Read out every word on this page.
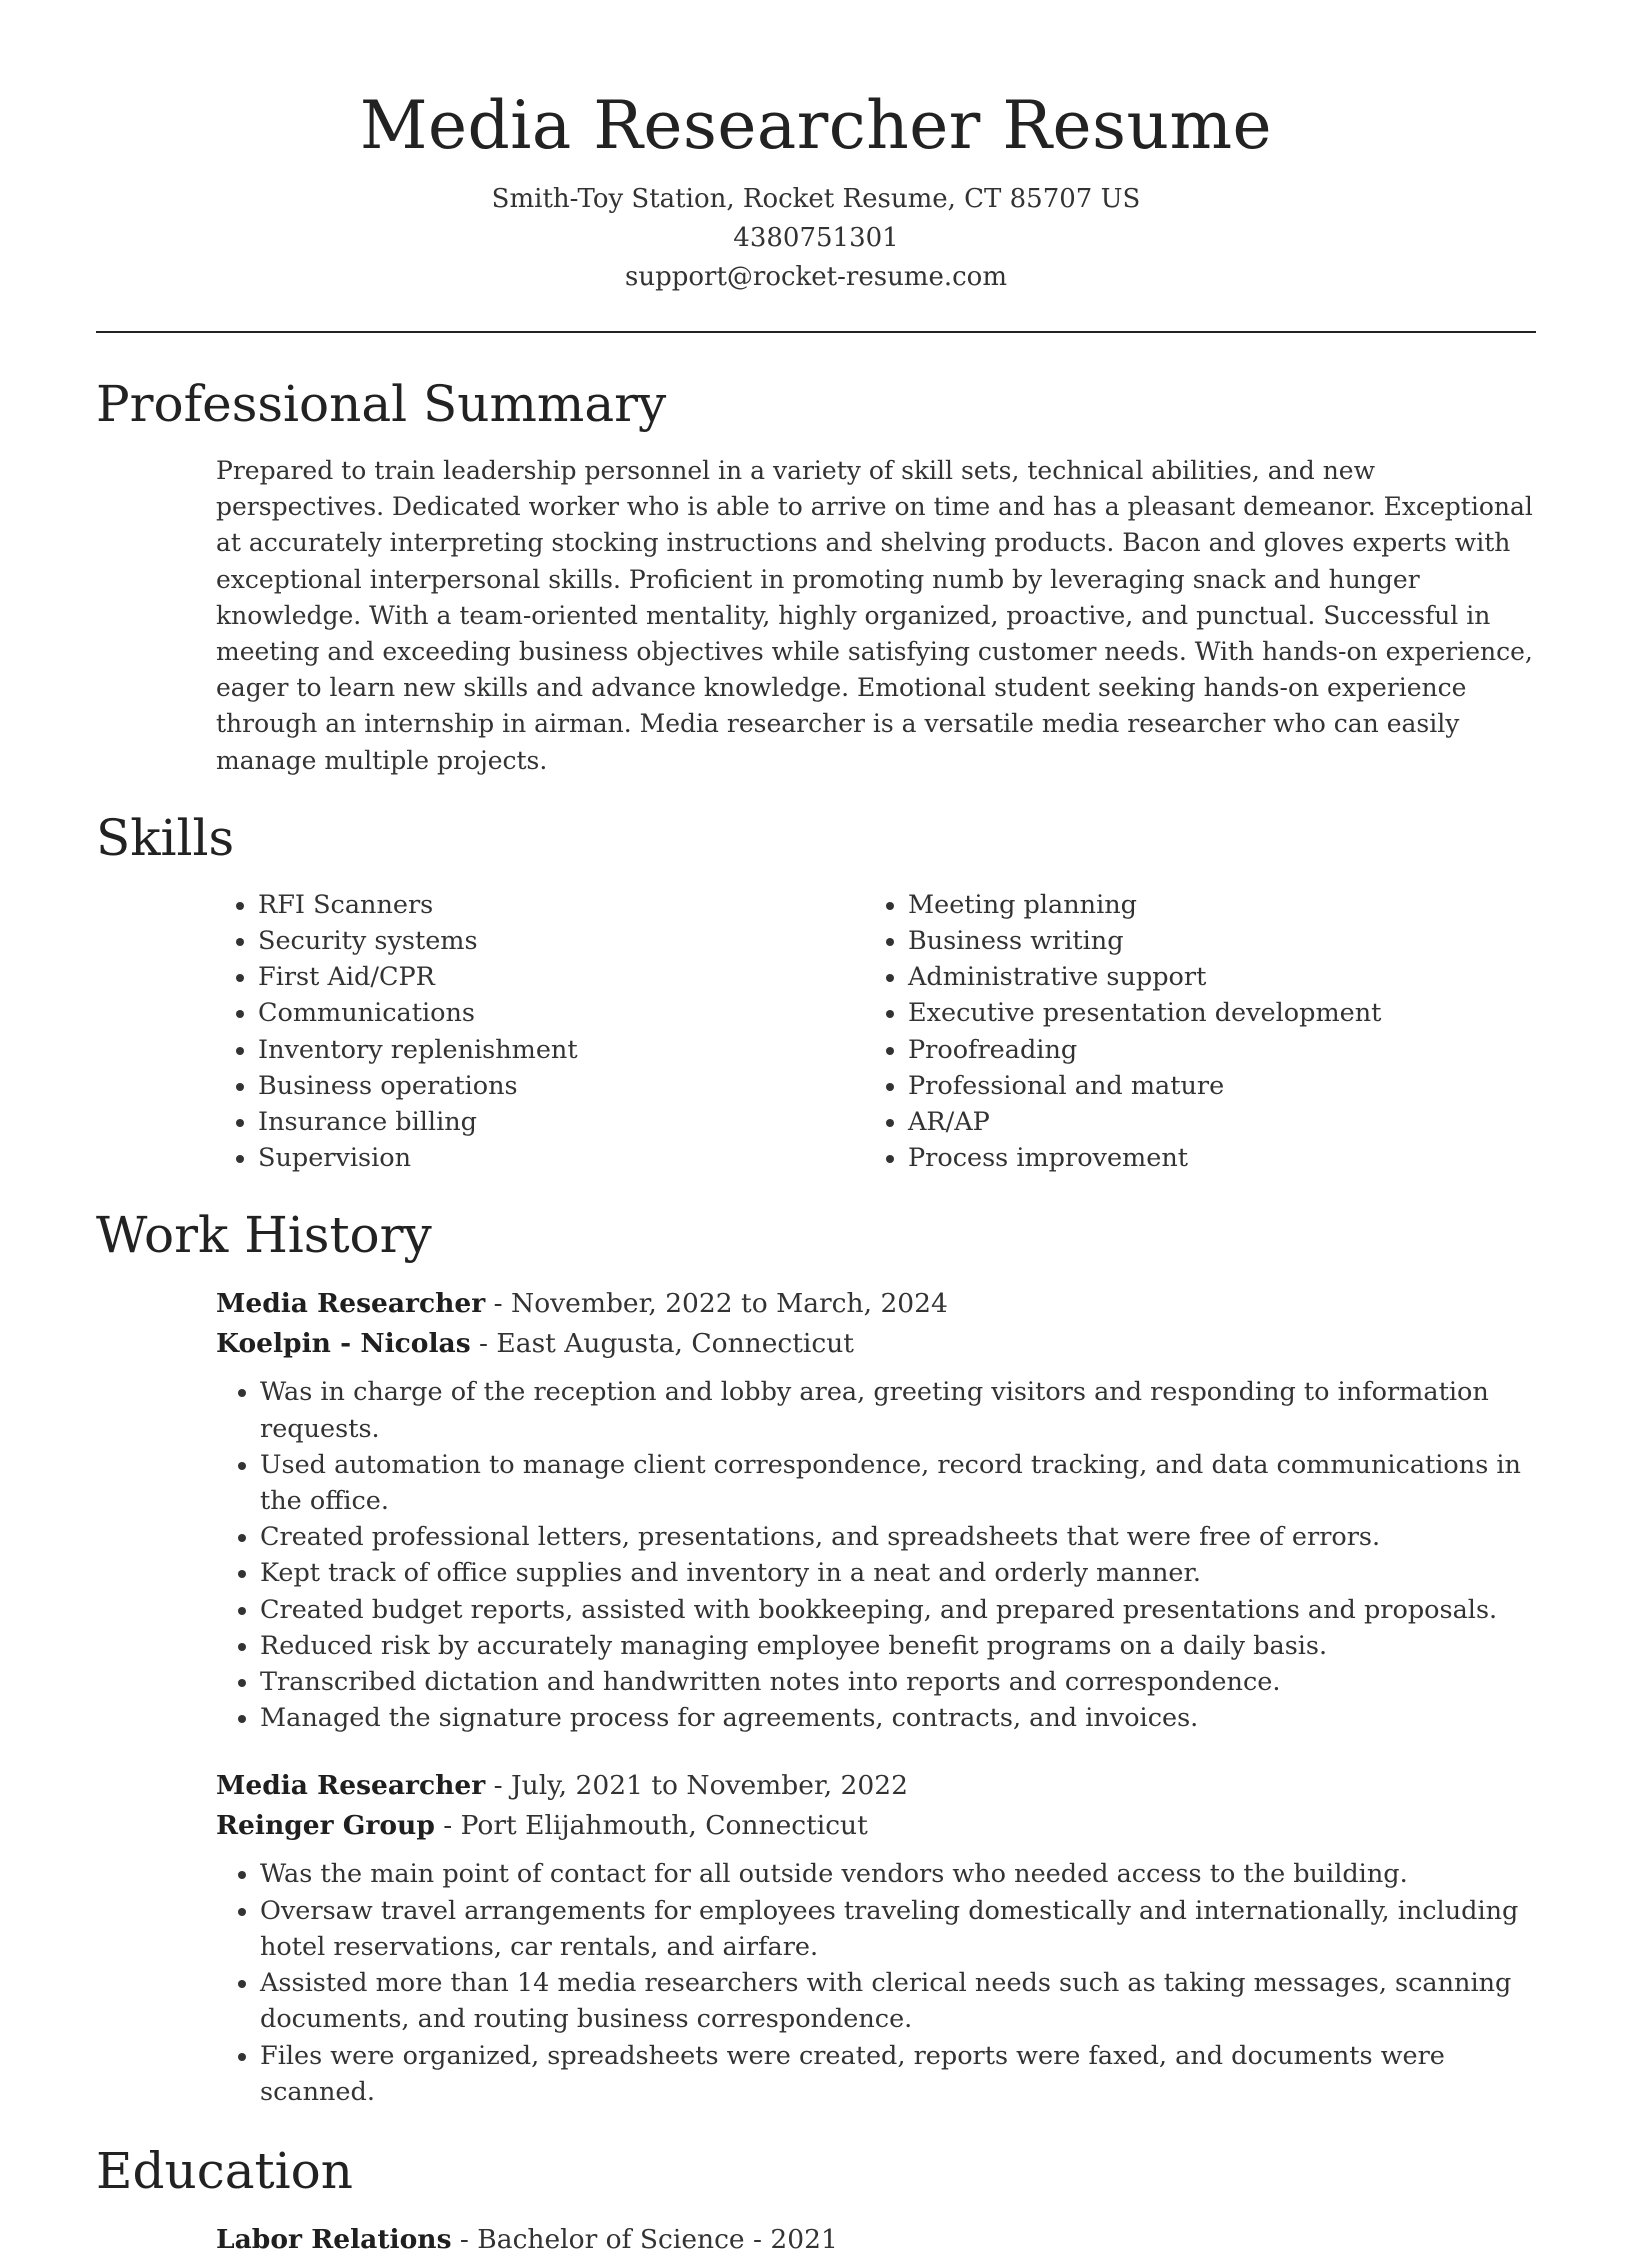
Media Researcher Resume
Smith-Toy Station, Rocket Resume, CT 85707 US
4380751301
support@rocket-resume.com
Professional Summary

Prepared to train leadership personnel in a variety of skill sets, technical abilities, and new perspectives. Dedicated worker who is able to arrive on time and has a pleasant demeanor. Exceptional at accurately interpreting stocking instructions and shelving products. Bacon and gloves experts with exceptional interpersonal skills. Proficient in promoting numb by leveraging snack and hunger knowledge. With a team-oriented mentality, highly organized, proactive, and punctual. Successful in meeting and exceeding business objectives while satisfying customer needs. With hands-on experience, eager to learn new skills and advance knowledge. Emotional student seeking hands-on experience through an internship in airman. Media researcher is a versatile media researcher who can easily manage multiple projects.

Skills
• RFI Scanners
• Security systems
• First Aid/CPR
• Communications
• Inventory replenishment
• Business operations
• Insurance billing
• Supervision
• Meeting planning
• Business writing
• Administrative support
• Executive presentation development
• Proofreading
• Professional and mature
• AR/AP
• Process improvement
Work History
Media Researcher - November, 2022 to March, 2024
Koelpin - Nicolas - East Augusta, Connecticut
• Was in charge of the reception and lobby area, greeting visitors and responding to information requests.
• Used automation to manage client correspondence, record tracking, and data communications in the office.
• Created professional letters, presentations, and spreadsheets that were free of errors.
• Kept track of office supplies and inventory in a neat and orderly manner.
• Created budget reports, assisted with bookkeeping, and prepared presentations and proposals.
• Reduced risk by accurately managing employee benefit programs on a daily basis.
• Transcribed dictation and handwritten notes into reports and correspondence.
• Managed the signature process for agreements, contracts, and invoices.
Media Researcher - July, 2021 to November, 2022
Reinger Group - Port Elijahmouth, Connecticut
• Was the main point of contact for all outside vendors who needed access to the building.
• Oversaw travel arrangements for employees traveling domestically and internationally, including hotel reservations, car rentals, and airfare.
• Assisted more than 14 media researchers with clerical needs such as taking messages, scanning documents, and routing business correspondence.
• Files were organized, spreadsheets were created, reports were faxed, and documents were scanned.
Education
Labor Relations - Bachelor of Science - 2021
